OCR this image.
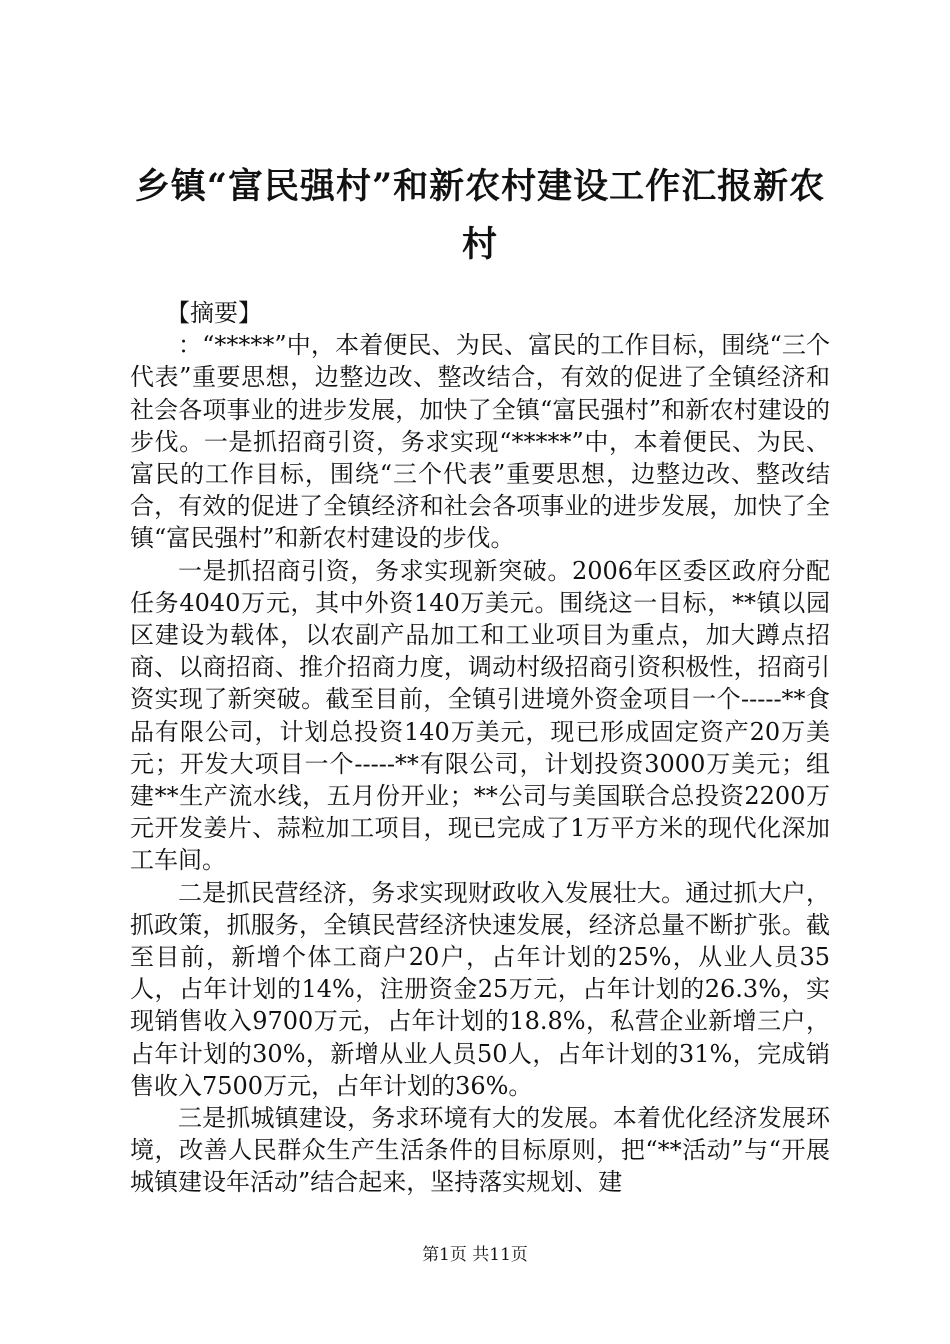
乡镇“富民强村”和新农村建设工作汇报新农村

【摘要】

：“*****”中，本着便民、为民、富民的工作目标，围绕“三个代表”重要思想，边整边改、整改结合，有效的促进了全镇经济和社会各项事业的进步发展，加快了全镇“富民强村”和新农村建设的步伐。一是抓招商引资，务求实现“*****”中，本着便民、为民、富民的工作目标，围绕“三个代表”重要思想，边整边改、整改结合，有效的促进了全镇经济和社会各项事业的进步发展，加快了全镇“富民强村”和新农村建设的步伐。

一是抓招商引资，务求实现新突破。2006年区委区政府分配任务4040万元，其中外资140万美元。围绕这一目标，**镇以园区建设为载体，以农副产品加工和工业项目为重点，加大蹲点招商、以商招商、推介招商力度，调动村级招商引资积极性，招商引资实现了新突破。截至目前，全镇引进境外资金项目一个-----**食品有限公司，计划总投资140万美元，现已形成固定资产20万美元；开发大项目一个-----**有限公司，计划投资3000万美元；组建**生产流水线，五月份开业；**公司与美国联合总投资2200万元开发姜片、蒜粒加工项目，现已完成了1万平方米的现代化深加工车间。

二是抓民营经济，务求实现财政收入发展壮大。通过抓大户，抓政策，抓服务，全镇民营经济快速发展，经济总量不断扩张。截至目前，新增个体工商户20户，占年计划的25%，从业人员35人，占年计划的14%，注册资金25万元，占年计划的26.3%，实现销售收入9700万元，占年计划的18.8%，私营企业新增三户，占年计划的30%，新增从业人员50人，占年计划的31%，完成销售收入7500万元，占年计划的36%。

三是抓城镇建设，务求环境有大的发展。本着优化经济发展环境，改善人民群众生产生活条件的目标原则，把“**活动”与“开展城镇建设年活动”结合起来，坚持落实规划、建

第1页 共11页
